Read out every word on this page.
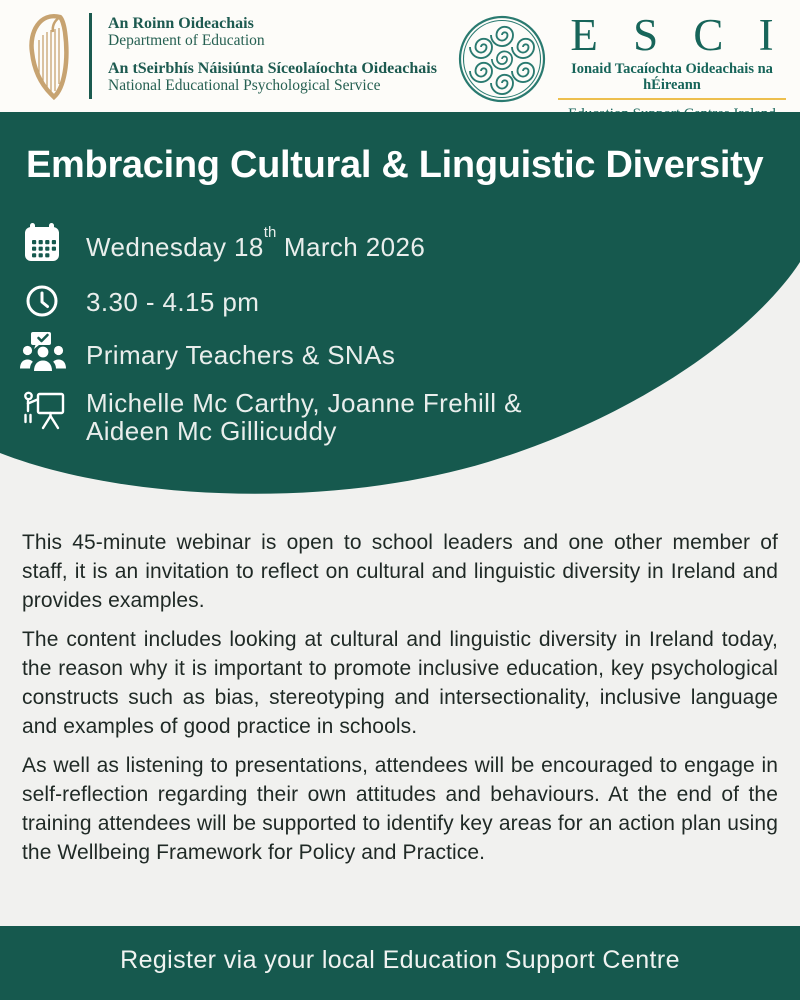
An Roinn Oideachais
Department of Education
An tSeirbhís Náisiúnta Síceolaíochta Oideachais
National Educational Psychological Service
E S C I
Ionaid Tacaíochta Oideachais na hÉireann
Embracing Cultural & Linguistic Diversity
Wednesday 18th March 2026
3.30 - 4.15 pm
Primary Teachers & SNAs
Michelle Mc Carthy, Joanne Frehill & Aideen Mc Gillicuddy

This 45-minute webinar is open to school leaders and one other member of staff, it is an invitation to reflect on cultural and linguistic diversity in Ireland and provides examples.

The content includes looking at cultural and linguistic diversity in Ireland today, the reason why it is important to promote inclusive education, key psychological constructs such as bias, stereotyping and intersectionality, inclusive language and examples of good practice in schools.

As well as listening to presentations, attendees will be encouraged to engage in self-reflection regarding their own attitudes and behaviours. At the end of the training attendees will be supported to identify key areas for an action plan using the Wellbeing Framework for Policy and Practice.

Register via your local Education Support Centre
